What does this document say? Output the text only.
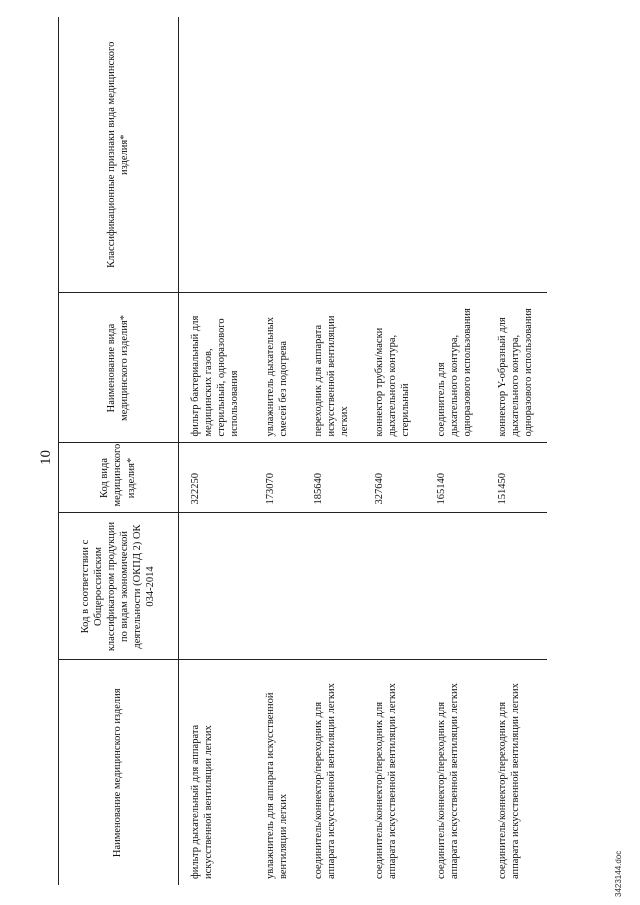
10
Наименование медицинского изделия	Код в соответствии с Общероссийским классификатором продукции по видам экономической деятельности (ОКПД 2) ОК 034-2014	Код вида медицинского изделия*	Наименование вида медицинского изделия*	Классификационные признаки вида медицинского изделия*
фильтр дыхательный для аппарата искусственной вентиляции легких		322250	фильтр бактериальный для медицинских газов, стерильный, одноразового использования	
увлажнитель для аппарата искусственной вентиляции легких		173070	увлажнитель дыхательных смесей без подогрева	
соединитель/коннектор/переходник для аппарата искусственной вентиляции легких		185640	переходник для аппарата искусственной вентиляции легких	
соединитель/коннектор/переходник для аппарата искусственной вентиляции легких		327640	коннектор трубки/маски дыхательного контура, стерильный	
соединитель/коннектор/переходник для аппарата искусственной вентиляции легких		165140	соединитель для дыхательного контура, одноразового использования	
соединитель/коннектор/переходник для аппарата искусственной вентиляции легких		151450	коннектор Y-образный для дыхательного контура, одноразового использования	
3423144.doc
